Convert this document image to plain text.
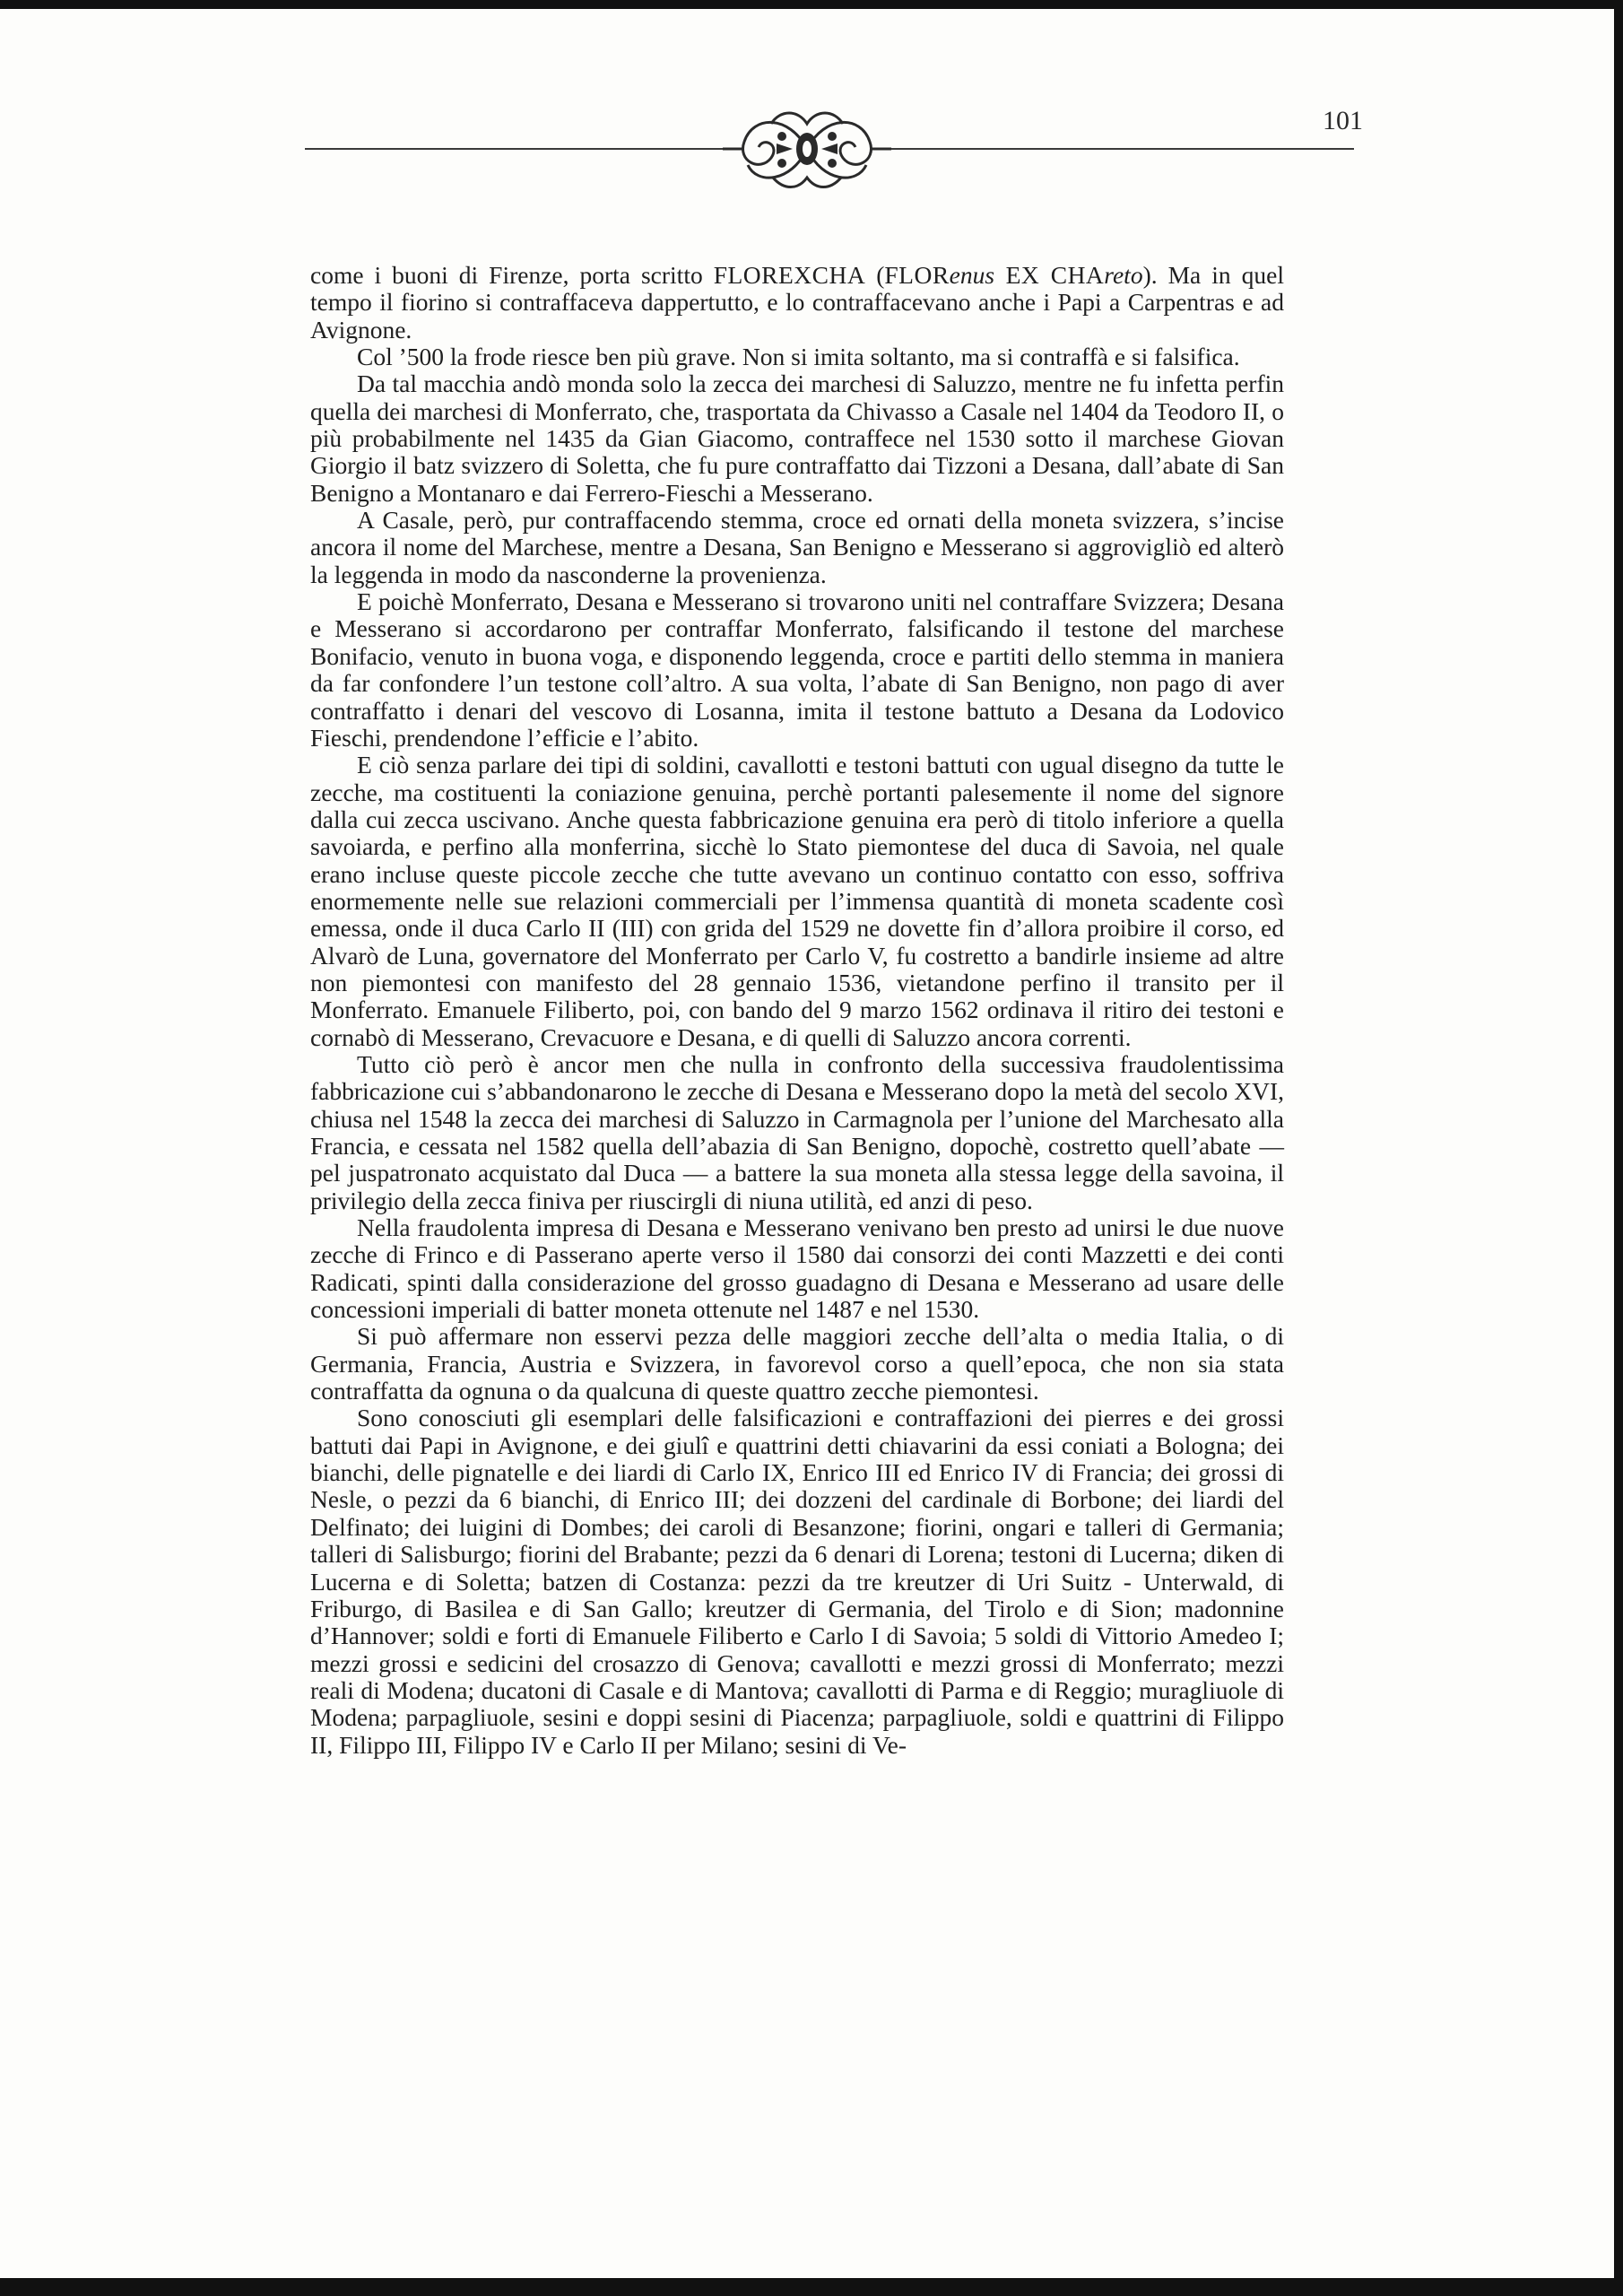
101

come i buoni di Firenze, porta scritto FLOREXCHA (FLORenus EX CHAreto). Ma in quel tempo il fiorino si contraffaceva dappertutto, e lo contraffacevano anche i Papi a Carpentras e ad Avignone.

Col ’500 la frode riesce ben più grave. Non si imita soltanto, ma si contraffà e si falsifica.

Da tal macchia andò monda solo la zecca dei marchesi di Saluzzo, mentre ne fu infetta perfin quella dei marchesi di Monferrato, che, trasportata da Chivasso a Casale nel 1404 da Teodoro II, o più probabilmente nel 1435 da Gian Giacomo, contraffece nel 1530 sotto il marchese Giovan Giorgio il batz svizzero di Soletta, che fu pure contraffatto dai Tizzoni a Desana, dall’abate di San Benigno a Montanaro e dai Ferrero-Fieschi a Messerano.

A Casale, però, pur contraffacendo stemma, croce ed ornati della moneta svizzera, s’incise ancora il nome del Marchese, mentre a Desana, San Benigno e Messerano si aggrovigliò ed alterò la leggenda in modo da nasconderne la provenienza.

E poichè Monferrato, Desana e Messerano si trovarono uniti nel contraffare Svizzera; Desana e Messerano si accordarono per contraffar Monferrato, falsificando il testone del marchese Bonifacio, venuto in buona voga, e disponendo leggenda, croce e partiti dello stemma in maniera da far confondere l’un testone coll’altro. A sua volta, l’abate di San Benigno, non pago di aver contraffatto i denari del vescovo di Losanna, imita il testone battuto a Desana da Lodovico Fieschi, prendendone l’efficie e l’abito.

E ciò senza parlare dei tipi di soldini, cavallotti e testoni battuti con ugual disegno da tutte le zecche, ma costituenti la coniazione genuina, perchè portanti palesemente il nome del signore dalla cui zecca uscivano. Anche questa fabbricazione genuina era però di titolo inferiore a quella savoiarda, e perfino alla monferrina, sicchè lo Stato piemontese del duca di Savoia, nel quale erano incluse queste piccole zecche che tutte avevano un continuo contatto con esso, soffriva enormemente nelle sue relazioni commerciali per l’immensa quantità di moneta scadente così emessa, onde il duca Carlo II (III) con grida del 1529 ne dovette fin d’allora proibire il corso, ed Alvarò de Luna, governatore del Monferrato per Carlo V, fu costretto a bandirle insieme ad altre non piemontesi con manifesto del 28 gennaio 1536, vietandone perfino il transito per il Monferrato. Emanuele Filiberto, poi, con bando del 9 marzo 1562 ordinava il ritiro dei testoni e cornabò di Messerano, Crevacuore e Desana, e di quelli di Saluzzo ancora correnti.

Tutto ciò però è ancor men che nulla in confronto della successiva fraudolentissima fabbricazione cui s’abbandonarono le zecche di Desana e Messerano dopo la metà del secolo XVI, chiusa nel 1548 la zecca dei marchesi di Saluzzo in Carmagnola per l’unione del Marchesato alla Francia, e cessata nel 1582 quella dell’abazia di San Benigno, dopochè, costretto quell’abate — pel juspatronato acquistato dal Duca — a battere la sua moneta alla stessa legge della savoina, il privilegio della zecca finiva per riuscirgli di niuna utilità, ed anzi di peso.

Nella fraudolenta impresa di Desana e Messerano venivano ben presto ad unirsi le due nuove zecche di Frinco e di Passerano aperte verso il 1580 dai consorzi dei conti Mazzetti e dei conti Radicati, spinti dalla considerazione del grosso guadagno di Desana e Messerano ad usare delle concessioni imperiali di batter moneta ottenute nel 1487 e nel 1530.

Si può affermare non esservi pezza delle maggiori zecche dell’alta o media Italia, o di Germania, Francia, Austria e Svizzera, in favorevol corso a quell’epoca, che non sia stata contraffatta da ognuna o da qualcuna di queste quattro zecche piemontesi.

Sono conosciuti gli esemplari delle falsificazioni e contraffazioni dei pierres e dei grossi battuti dai Papi in Avignone, e dei giulî e quattrini detti chiavarini da essi coniati a Bologna; dei bianchi, delle pignatelle e dei liardi di Carlo IX, Enrico III ed Enrico IV di Francia; dei grossi di Nesle, o pezzi da 6 bianchi, di Enrico III; dei dozzeni del cardinale di Borbone; dei liardi del Delfinato; dei luigini di Dombes; dei caroli di Besanzone; fiorini, ongari e talleri di Germania; talleri di Salisburgo; fiorini del Brabante; pezzi da 6 denari di Lorena; testoni di Lucerna; diken di Lucerna e di Soletta; batzen di Costanza: pezzi da tre kreutzer di Uri Suitz - Unterwald, di Friburgo, di Basilea e di San Gallo; kreutzer di Germania, del Tirolo e di Sion; madonnine d’Hannover; soldi e forti di Emanuele Filiberto e Carlo I di Savoia; 5 soldi di Vittorio Amedeo I; mezzi grossi e sedicini del crosazzo di Genova; cavallotti e mezzi grossi di Monferrato; mezzi reali di Modena; ducatoni di Casale e di Mantova; cavallotti di Parma e di Reggio; muragliuole di Modena; parpagliuole, sesini e doppi sesini di Piacenza; parpagliuole, soldi e quattrini di Filippo II, Filippo III, Filippo IV e Carlo II per Milano; sesini di Ve-
